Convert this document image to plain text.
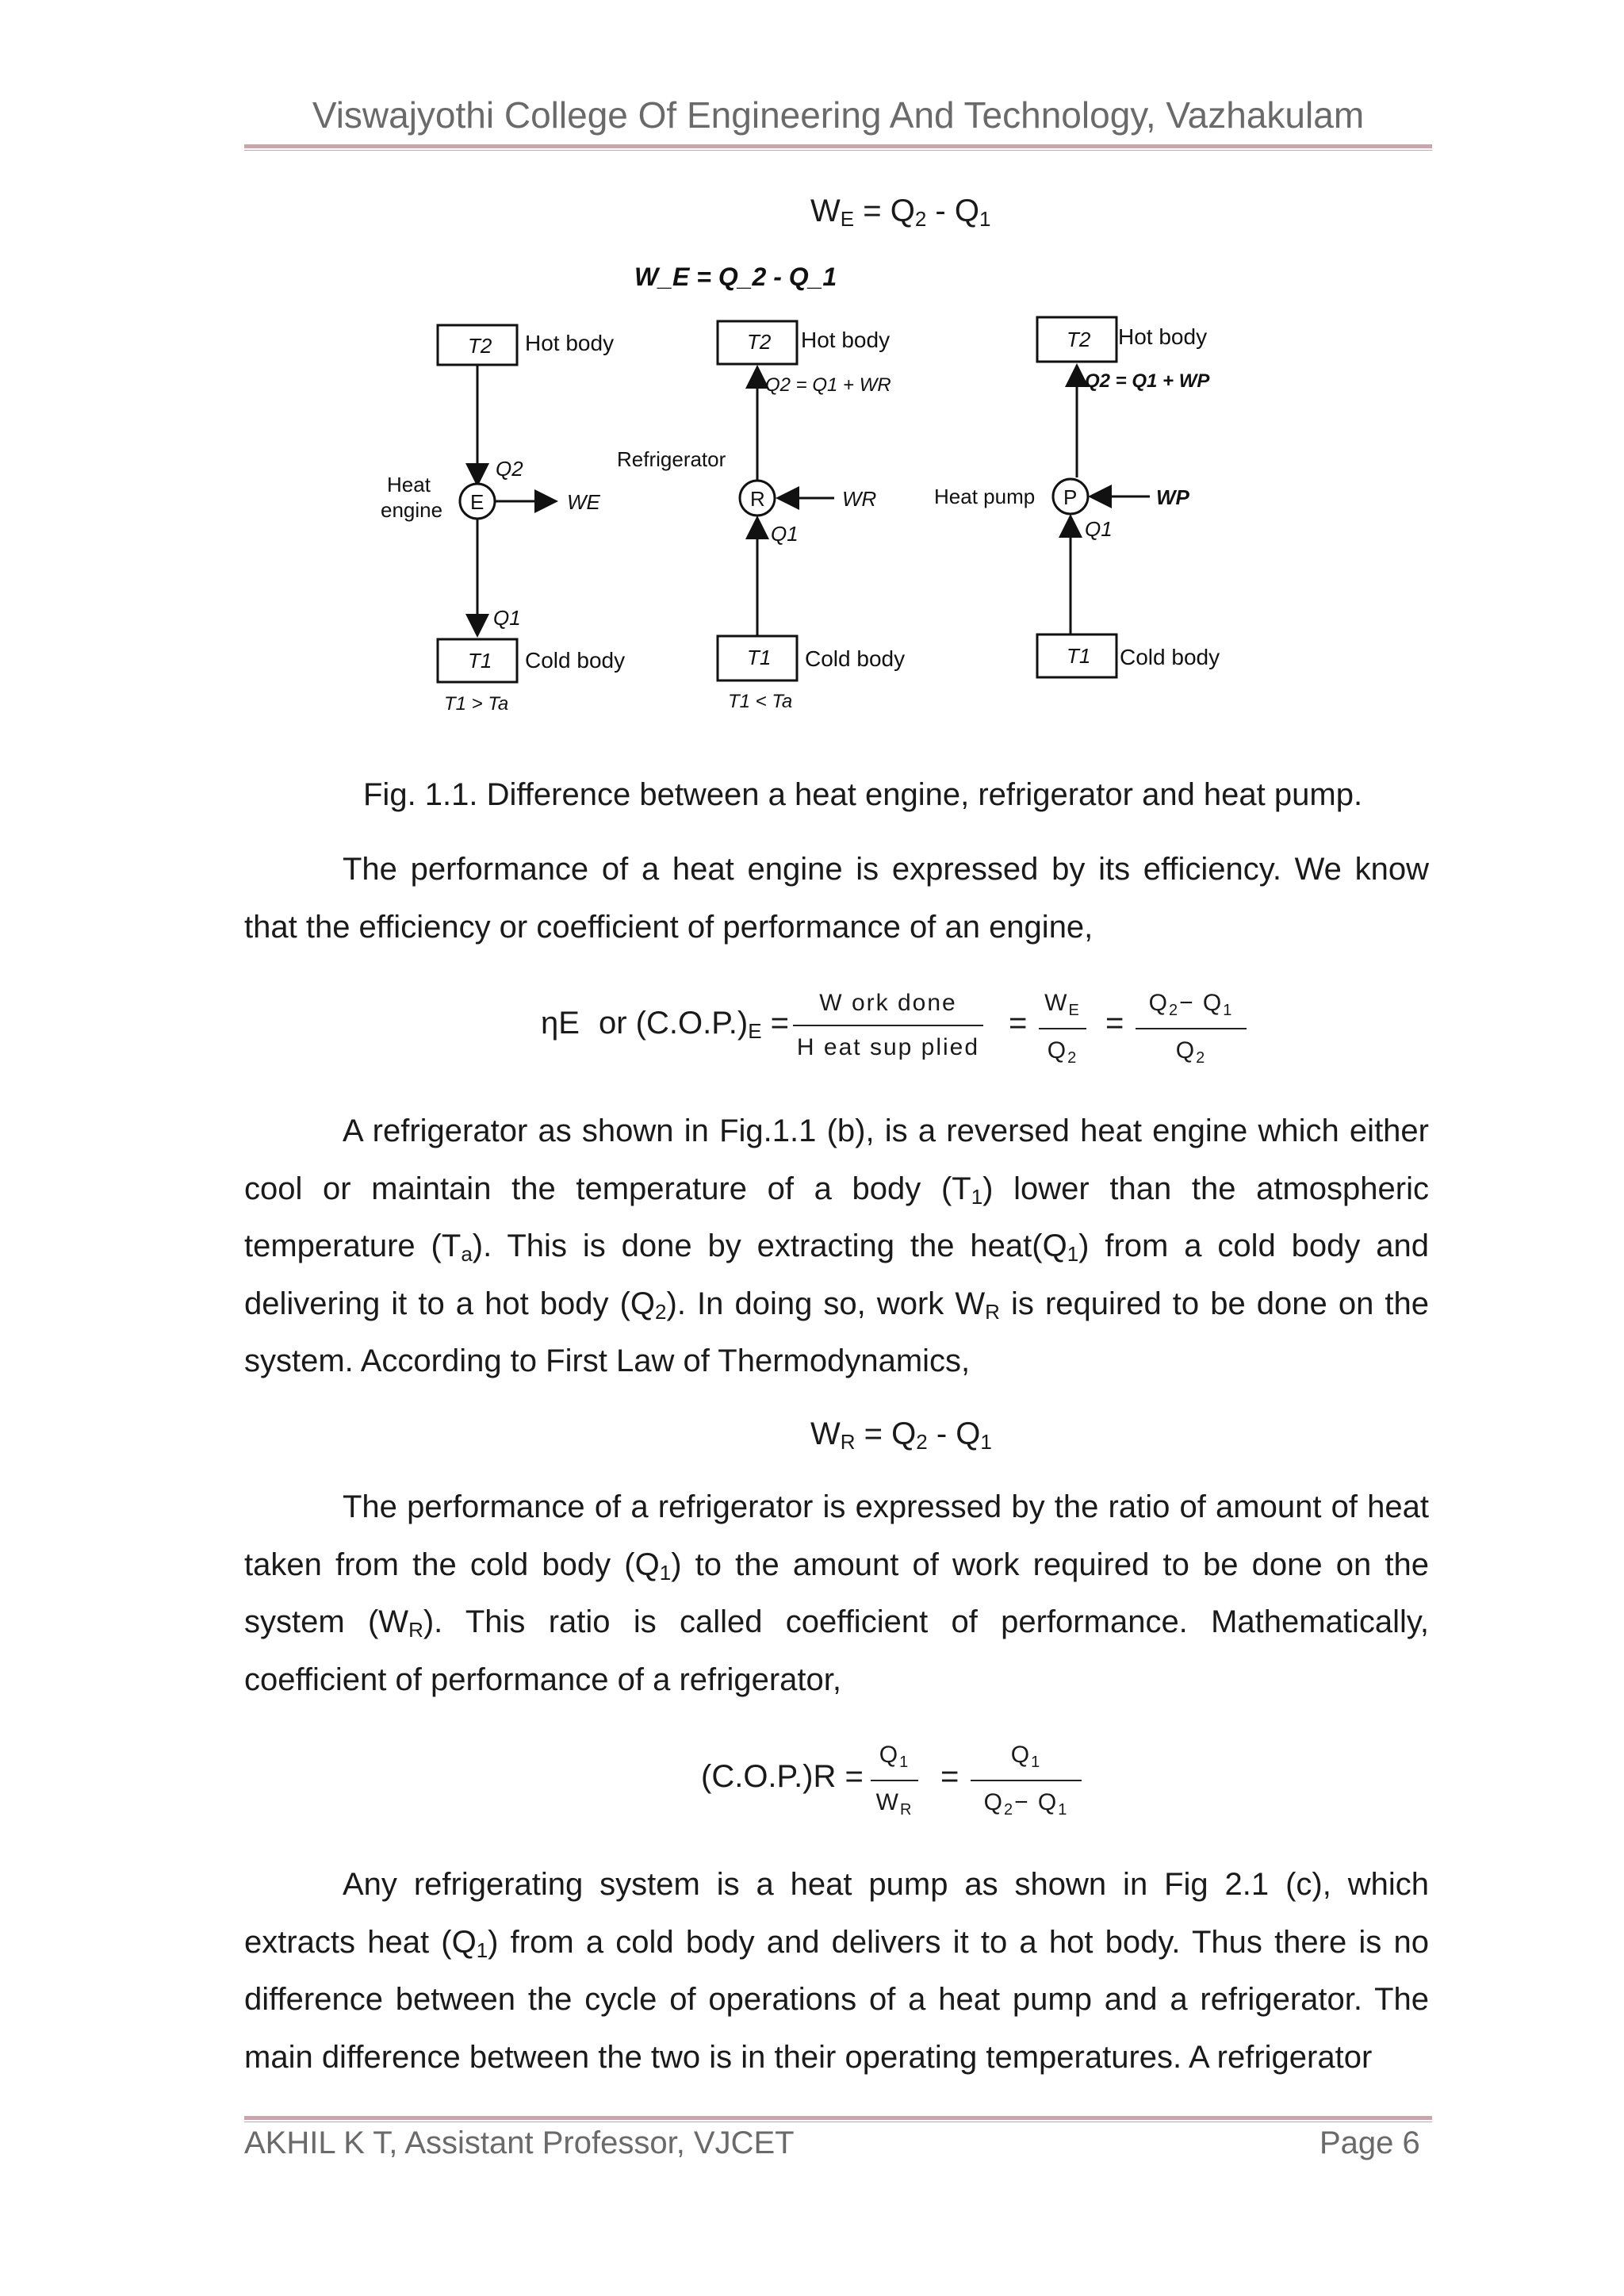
Viswajyothi College Of Engineering And Technology, Vazhakulam
$W_E = Q_2 - Q_1$
W_E = Q_2 - Q_1
T2 Hot body
Q2
E
Heat
engine	WE
Q1
T1 Cold body
T1 > Ta
T2 Hot body
Q2 = Q1 + WR
Refrigerator
R	WR
Q1
T1 Cold body
T1 < Ta
T2 Hot body
Q2 = Q1 + WP
Heat pump P	WP
Q1
T1 Cold body
Fig. 1.1. Difference between a heat engine, refrigerator and heat pump.

The performance of a heat engine is expressed by its efficiency. We know that the efficiency or coefficient of performance of an engine,

ηE or $(C.O.P.)_E$ =
W ork done
H eat sup plied
= $\frac{W_E}{Q_2} = \frac{Q_2- Q_1}{Q_2}$

A refrigerator as shown in Fig.1.1 (b), is a reversed heat engine which either cool or maintain the temperature of a body $(T_1)$ lower than the atmospheric temperature $(T_a)$. This is done by extracting the $heat(Q_1)$ from a cold body and delivering it to a hot body $(Q_2)$. In doing so, work $W_R$ is required to be done on the system. According to First Law of Thermodynamics,

$W_R = Q_2 - Q_1$

The performance of a refrigerator is expressed by the ratio of amount of heat taken from the cold body $(Q_1)$ to the amount of work required to be done on the system $(W_R)$. This ratio is called coefficient of performance. Mathematically, coefficient of performance of a refrigerator,

$(C.O.P.)R = \frac{Q_1}{W_R} = \frac{Q_1}{Q_2- Q_1}$

Any refrigerating system is a heat pump as shown in Fig 2.1 (c), which extracts heat $(Q_1)$ from a cold body and delivers it to a hot body. Thus there is no difference between the cycle of operations of a heat pump and a refrigerator. The main difference between the two is in their operating temperatures. A refrigerator

AKHIL K T, Assistant Professor, VJCET	Page 6
